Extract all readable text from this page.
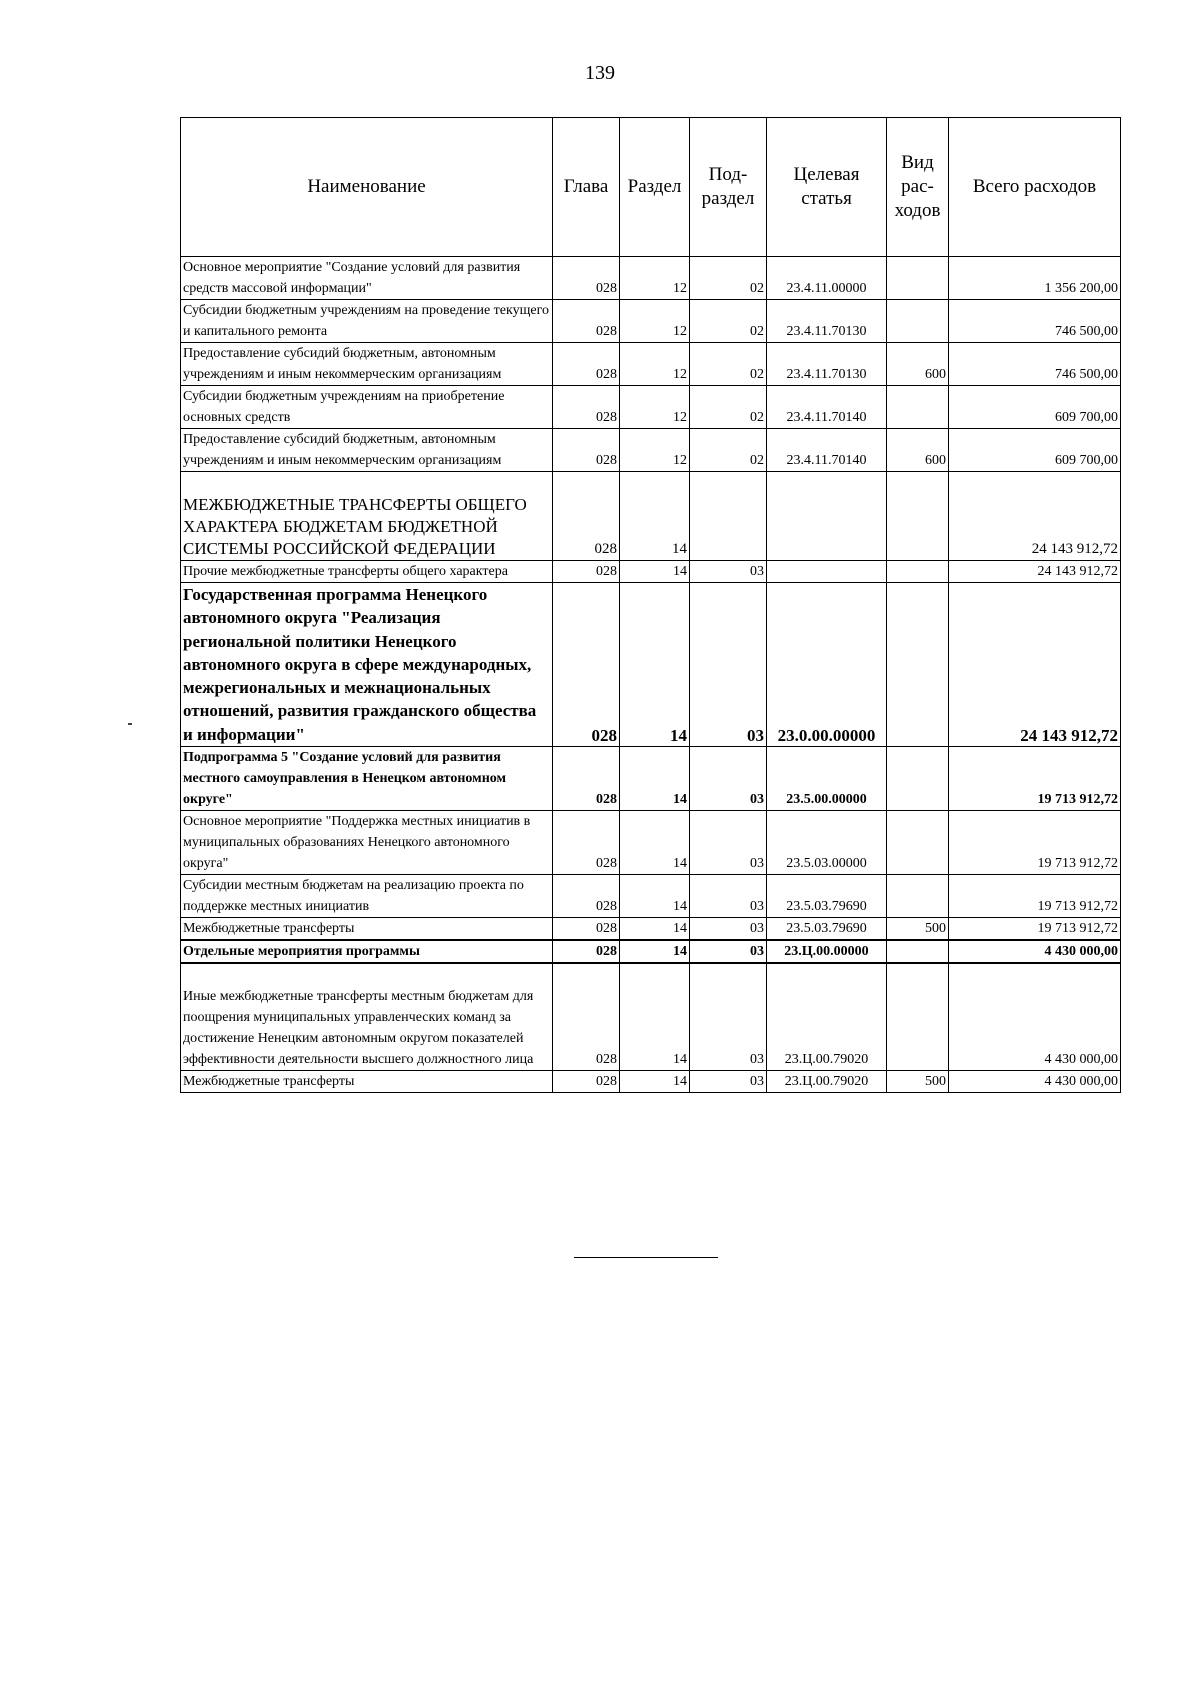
139
Наименование	Глава	Раздел	Под-раздел	Целевая статья	Вид рас-ходов	Всего расходов
Основное мероприятие "Создание условий для развития средств массовой информации"	028	12	02	23.4.11.00000		1 356 200,00
Субсидии бюджетным учреждениям на проведение текущего и капитального ремонта	028	12	02	23.4.11.70130		746 500,00
Предоставление субсидий бюджетным, автономным учреждениям и иным некоммерческим организациям	028	12	02	23.4.11.70130	600	746 500,00
Субсидии бюджетным учреждениям на приобретение основных средств	028	12	02	23.4.11.70140		609 700,00
Предоставление субсидий бюджетным, автономным учреждениям и иным некоммерческим организациям	028	12	02	23.4.11.70140	600	609 700,00

МЕЖБЮДЖЕТНЫЕ ТРАНСФЕРТЫ ОБЩЕГО ХАРАКТЕРА БЮДЖЕТАМ БЮДЖЕТНОЙ СИСТЕМЫ РОССИЙСКОЙ ФЕДЕРАЦИИ	028	14				24 143 912,72
Прочие межбюджетные трансферты общего характера	028	14	03			24 143 912,72
Государственная программа Ненецкого автономного округа "Реализация региональной политики Ненецкого автономного округа в сфере международных, межрегиональных и межнациональных отношений, развития гражданского общества и информации"	028	14	03	23.0.00.00000		24 143 912,72
Подпрограмма 5 "Создание условий для развития местного самоуправления в Ненецком автономном округе"	028	14	03	23.5.00.00000		19 713 912,72
Основное мероприятие "Поддержка местных инициатив в муниципальных образованиях Ненецкого автономного округа"	028	14	03	23.5.03.00000		19 713 912,72
Субсидии местным бюджетам на реализацию проекта по поддержке местных инициатив	028	14	03	23.5.03.79690		19 713 912,72
Межбюджетные трансферты	028	14	03	23.5.03.79690	500	19 713 912,72
Отдельные мероприятия программы	028	14	03	23.Ц.00.00000		4 430 000,00

Иные межбюджетные трансферты местным бюджетам для поощрения муниципальных управленческих команд за достижение Ненецким автономным округом показателей эффективности деятельности высшего должностного лица	028	14	03	23.Ц.00.79020		4 430 000,00
Межбюджетные трансферты	028	14	03	23.Ц.00.79020	500	4 430 000,00
